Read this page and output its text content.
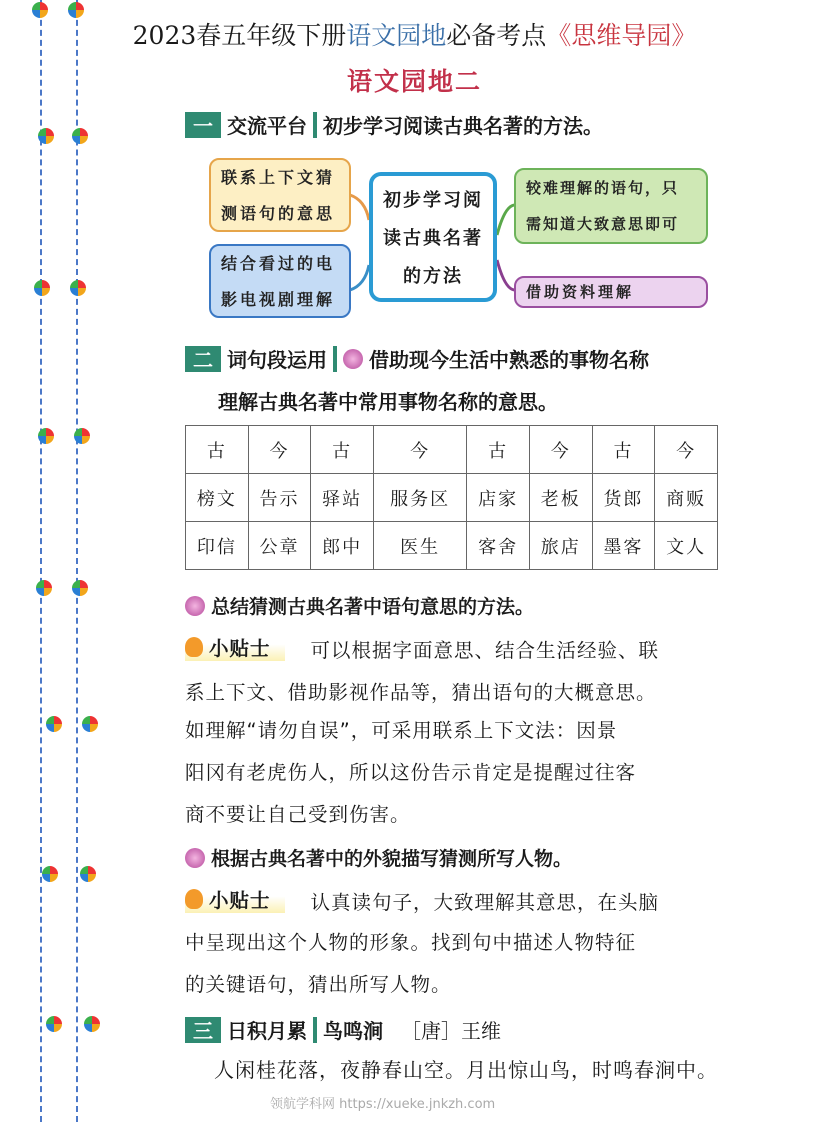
2023春五年级下册语文园地必备考点《思维导园》
语文园地二
一 交流平台 初步学习阅读古典名著的方法。
联系上下文猜
测语句的意思
结合看过的电
影电视剧理解
初步学习阅
读古典名著
的方法
较难理解的语句，只
需知道大致意思即可
借助资料理解
二 词句段运用 借助现今生活中熟悉的事物名称
理解古典名著中常用事物名称的意思。
古	今	古	今	古	今	古	今
榜文	告示	驿站	服务区	店家	老板	货郎	商贩
印信	公章	郎中	医生	客舍	旅店	墨客	文人
总结猜测古典名著中语句意思的方法。
小贴士 可以根据字面意思、结合生活经验、联
系上下文、借助影视作品等，猜出语句的大概意思。
如理解“请勿自误”，可采用联系上下文法：因景
阳冈有老虎伤人，所以这份告示肯定是提醒过往客
商不要让自己受到伤害。
根据古典名著中的外貌描写猜测所写人物。
小贴士 认真读句子，大致理解其意思，在头脑
中呈现出这个人物的形象。找到句中描述人物特征
的关键语句，猜出所写人物。
三 日积月累 鸟鸣涧 ［唐］王维
人闲桂花落，夜静春山空。月出惊山鸟，时鸣春涧中。
领航学科网 https://xueke.jnkzh.com
